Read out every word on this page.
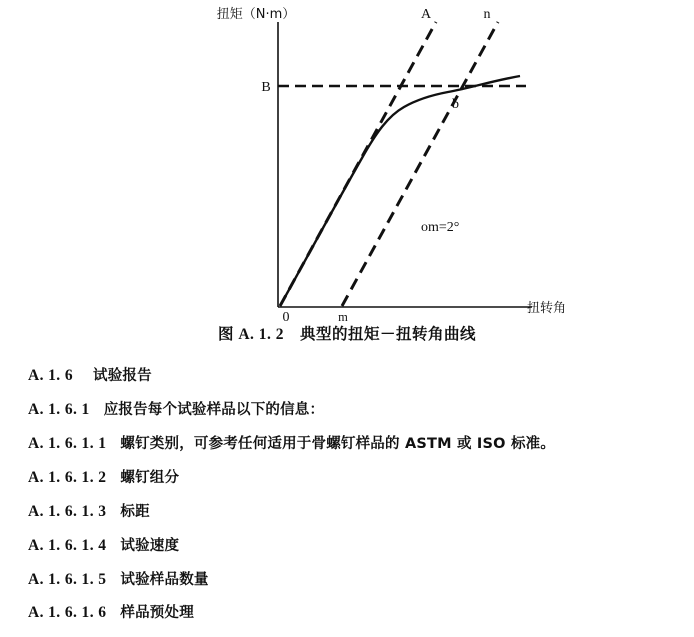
扭矩（N·m）
扭转角
A	n
B
b
m
0
om=2°
图 A. 1. 2　典型的扭矩－扭转角曲线
A. 1. 6 试验报告
A. 1. 6. 1 应报告每个试验样品以下的信息：
A. 1. 6. 1. 1 螺钉类别，可参考任何适用于骨螺钉样品的 ASTM 或 ISO 标准。
A. 1. 6. 1. 2 螺钉组分
A. 1. 6. 1. 3 标距
A. 1. 6. 1. 4 试验速度
A. 1. 6. 1. 5 试验样品数量
A. 1. 6. 1. 6 样品预处理
